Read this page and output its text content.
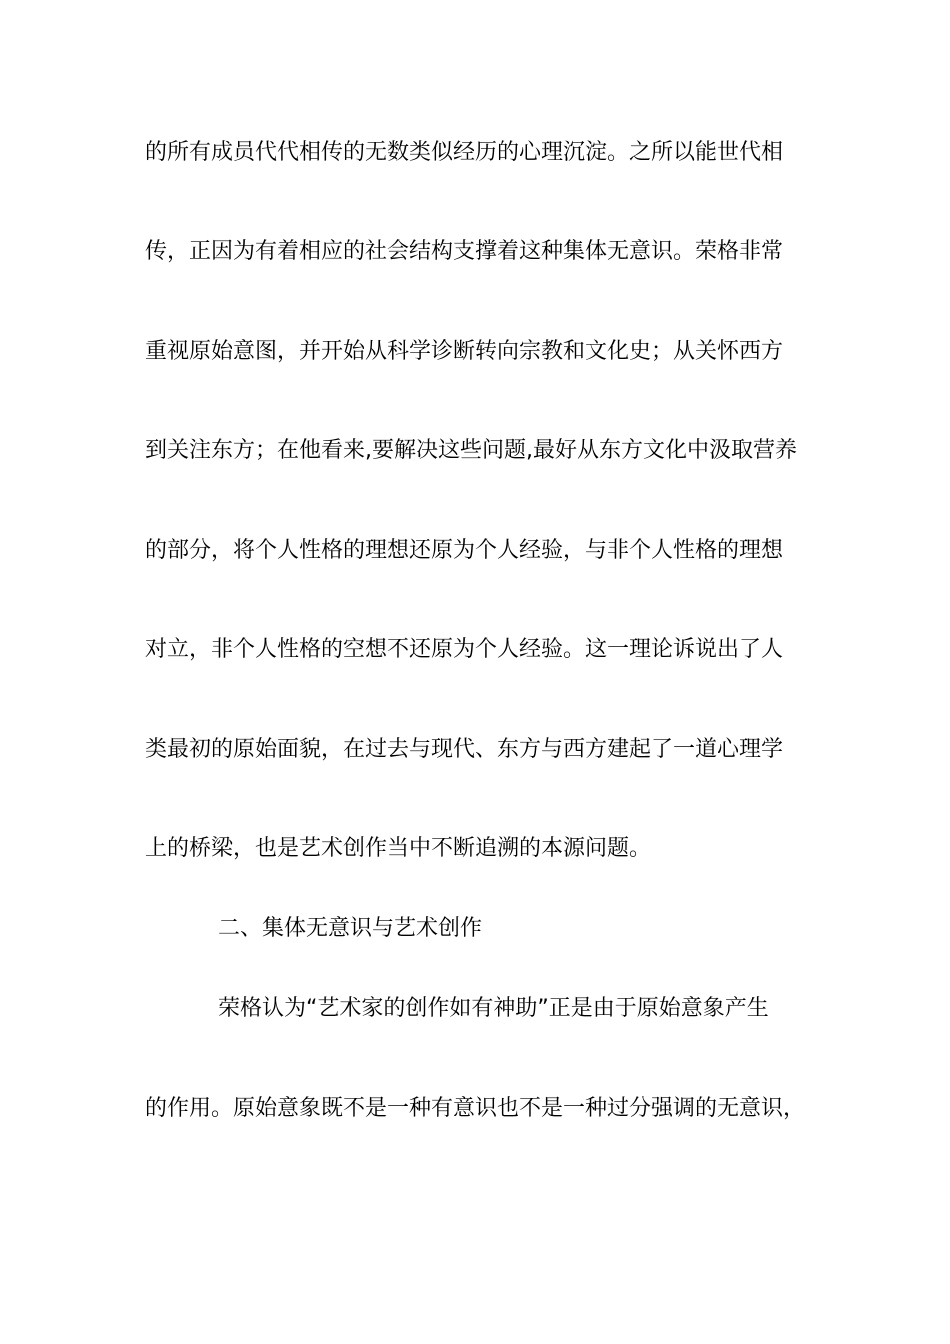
的所有成员代代相传的无数类似经历的心理沉淀。之所以能世代相
传，正因为有着相应的社会结构支撑着这种集体无意识。荣格非常
重视原始意图，并开始从科学诊断转向宗教和文化史；从关怀西方
到关注东方；在他看来,要解决这些问题,最好从东方文化中汲取营养
的部分，将个人性格的理想还原为个人经验，与非个人性格的理想
对立，非个人性格的空想不还原为个人经验。这一理论诉说出了人
类最初的原始面貌，在过去与现代、东方与西方建起了一道心理学
上的桥梁，也是艺术创作当中不断追溯的本源问题。
二、集体无意识与艺术创作
荣格认为“艺术家的创作如有神助”正是由于原始意象产生
的作用。原始意象既不是一种有意识也不是一种过分强调的无意识，
